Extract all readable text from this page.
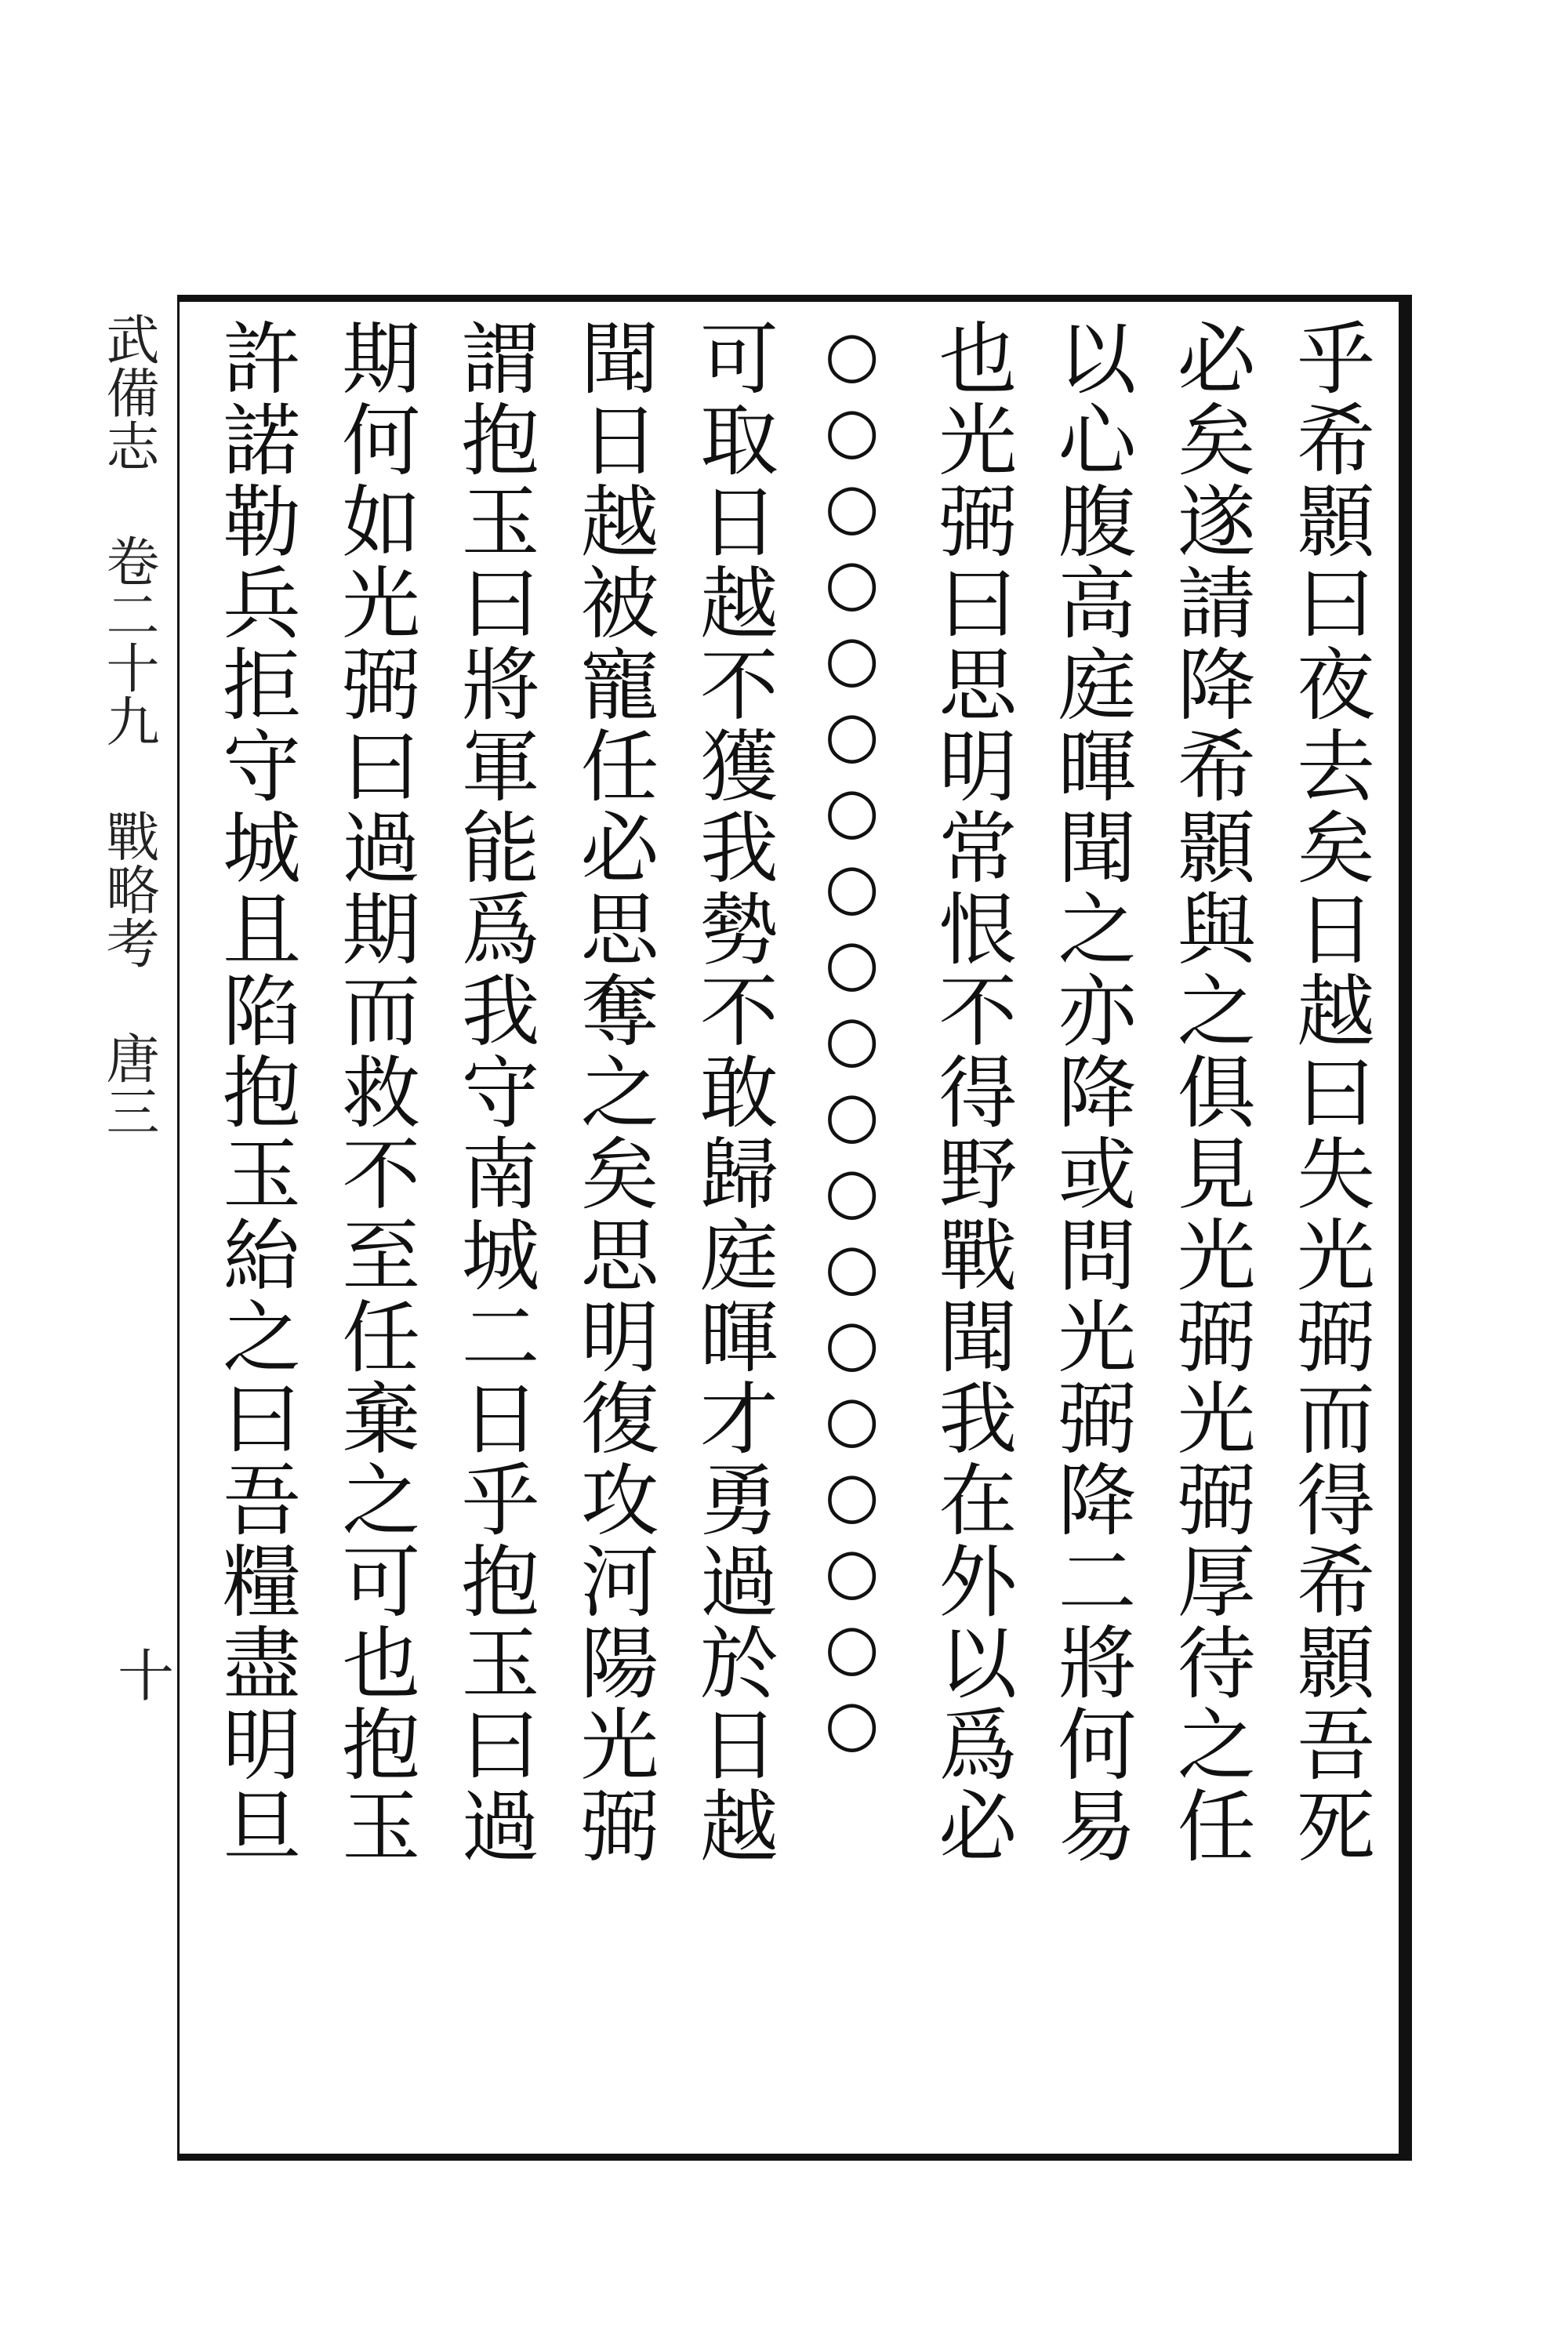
武備志 卷二十九 戰略考 唐三
十	乎希顥曰夜去矣日越曰失光弼而得希顥吾死
必矣遂請降希顥與之俱見光弼光弼厚待之任
以心腹高庭暉聞之亦降或問光弼降二將何易
也光弼曰思明常恨不得野戰聞我在外以爲必
○○○○○○○○○○○○○○○○○○○
可取日越不獲我勢不敢歸庭暉才勇過於日越
聞日越被寵任必思奪之矣思明復攻河陽光弼
謂抱玉曰將軍能爲我守南城二日乎抱玉曰過
期何如光弼曰過期而救不至任棄之可也抱玉
許諾勒兵拒守城且陷抱玉紿之曰吾糧盡明旦
